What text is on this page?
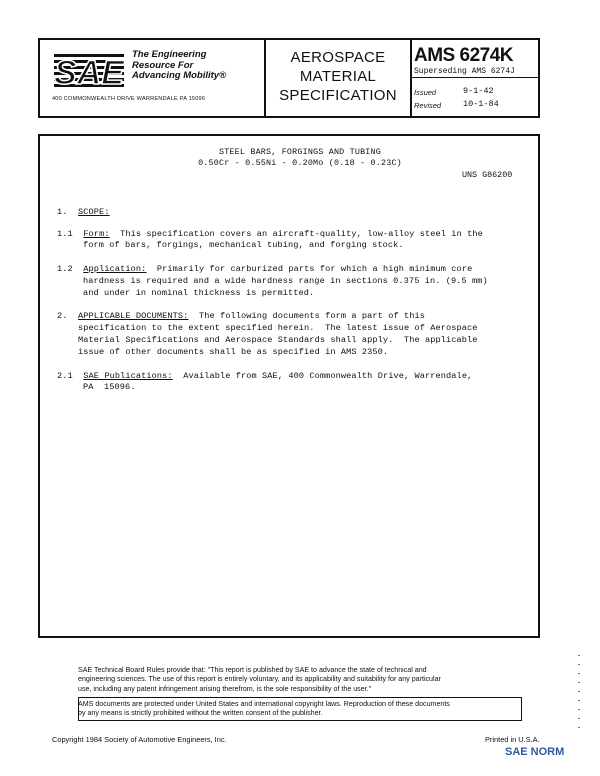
SAE The Engineering
Resource For
Advancing Mobility®
400 COMMONWEALTH DRIVE WARRENDALE PA 15096
AEROSPACE
MATERIAL
SPECIFICATION
AMS 6274K
Superseding AMS 6274J
Issued	9-1-42
Revised	10-1-84
STEEL BARS, FORGINGS AND TUBING
0.50Cr - 0.55Ni - 0.20Mo (0.18 - 0.23C)
UNS G86200
1. SCOPE:
1.1 Form: This specification covers an aircraft-quality, low-alloy steel in the
form of bars, forgings, mechanical tubing, and forging stock.
1.2 Application: Primarily for carburized parts for which a high minimum core
hardness is required and a wide hardness range in sections 0.375 in. (9.5 mm)
and under in nominal thickness is permitted.
2. APPLICABLE DOCUMENTS: The following documents form a part of this
specification to the extent specified herein.  The latest issue of Aerospace
Material Specifications and Aerospace Standards shall apply.  The applicable
issue of other documents shall be as specified in AMS 2350.
2.1 SAE Publications: Available from SAE, 400 Commonwealth Drive, Warrendale,
PA  15096.
SAE Technical Board Rules provide that: "This report is published by SAE to advance the state of technical and
engineering sciences. The use of this report is entirely voluntary, and its applicability and suitability for any particular
use, including any patent infringement arising therefrom, is the sole responsibility of the user."
AMS documents are protected under United States and international copyright laws. Reproduction of these documents
by any means is strictly prohibited without the written consent of the publisher.
Copyright 1984 Society of Automotive Engineers, Inc.	Printed in U.S.A.
SAE NORM
